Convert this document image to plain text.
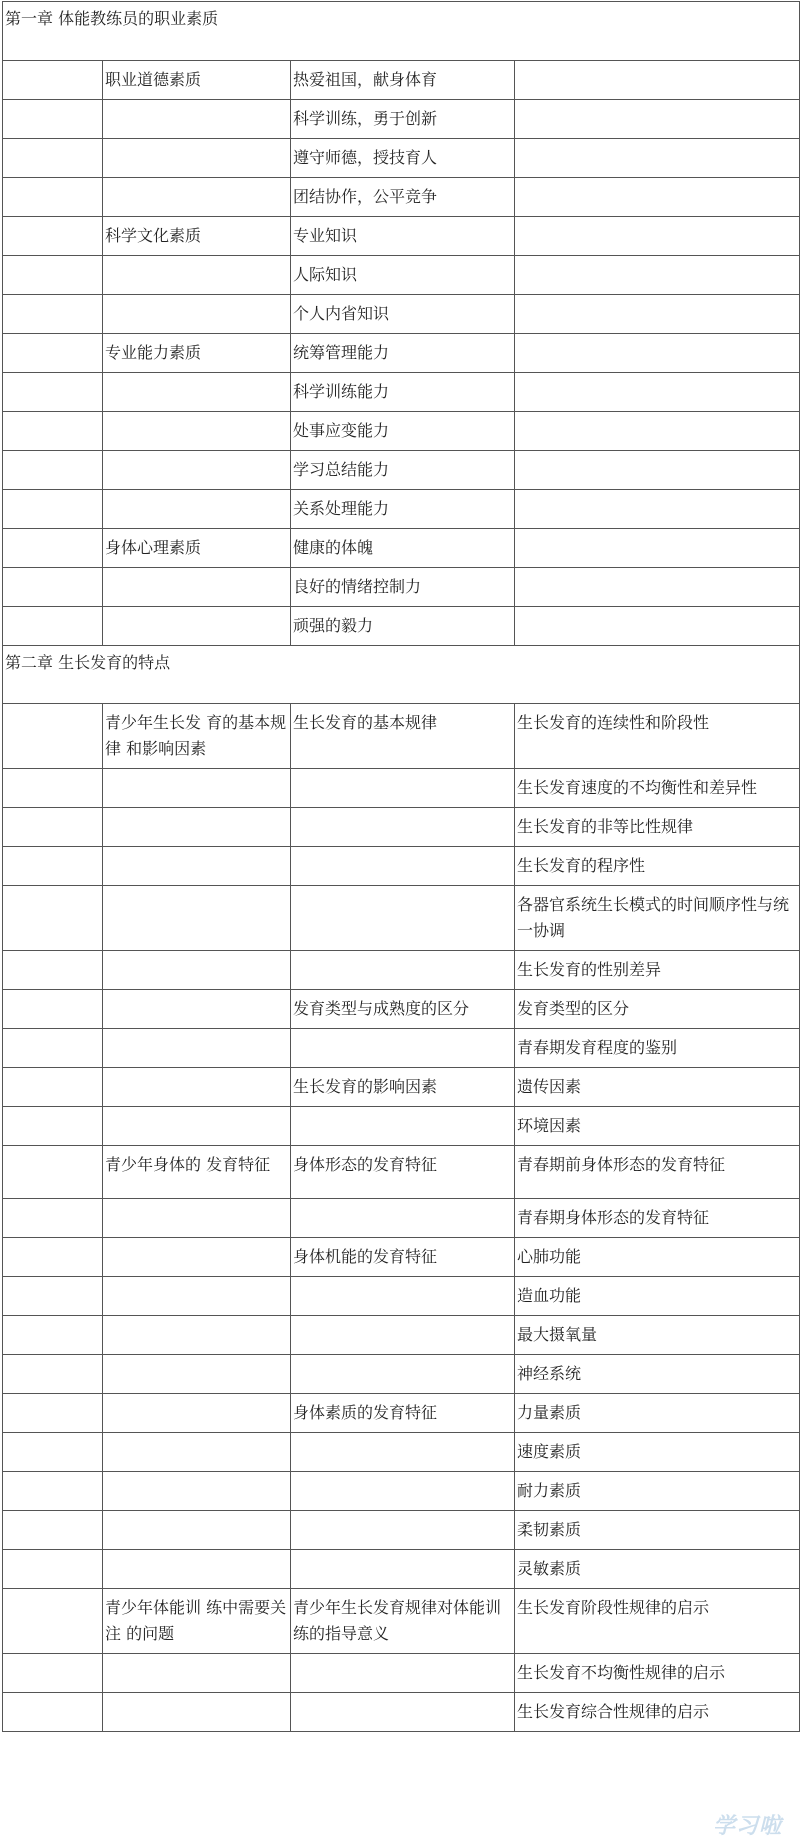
第一章 体能教练员的职业素质			
	职业道德素质	热爱祖国，献身体育	
		科学训练，勇于创新	
		遵守师德，授技育人	
		团结协作，公平竞争	
	科学文化素质	专业知识	
		人际知识	
		个人内省知识	
	专业能力素质	统筹管理能力	
		科学训练能力	
		处事应变能力	
		学习总结能力	
		关系处理能力	
	身体心理素质	健康的体魄	
		良好的情绪控制力	
		顽强的毅力	
第二章 生长发育的特点			
	青少年生长发 育的基本规律 和影响因素	生长发育的基本规律	生长发育的连续性和阶段性
			生长发育速度的不均衡性和差异性
			生长发育的非等比性规律
			生长发育的程序性
			各器官系统生长模式的时间顺序性与统一协调
			生长发育的性别差异
		发育类型与成熟度的区分	发育类型的区分
			青春期发育程度的鉴别
		生长发育的影响因素	遗传因素
			环境因素
	青少年身体的 发育特征	身体形态的发育特征	青春期前身体形态的发育特征
			青春期身体形态的发育特征
		身体机能的发育特征	心肺功能
			造血功能
			最大摄氧量
			神经系统
		身体素质的发育特征	力量素质
			速度素质
			耐力素质
			柔韧素质
			灵敏素质
	青少年体能训 练中需要关注 的问题	青少年生长发育规律对体能训练的指导意义	生长发育阶段性规律的启示
			生长发育不均衡性规律的启示
			生长发育综合性规律的启示
学习啦
